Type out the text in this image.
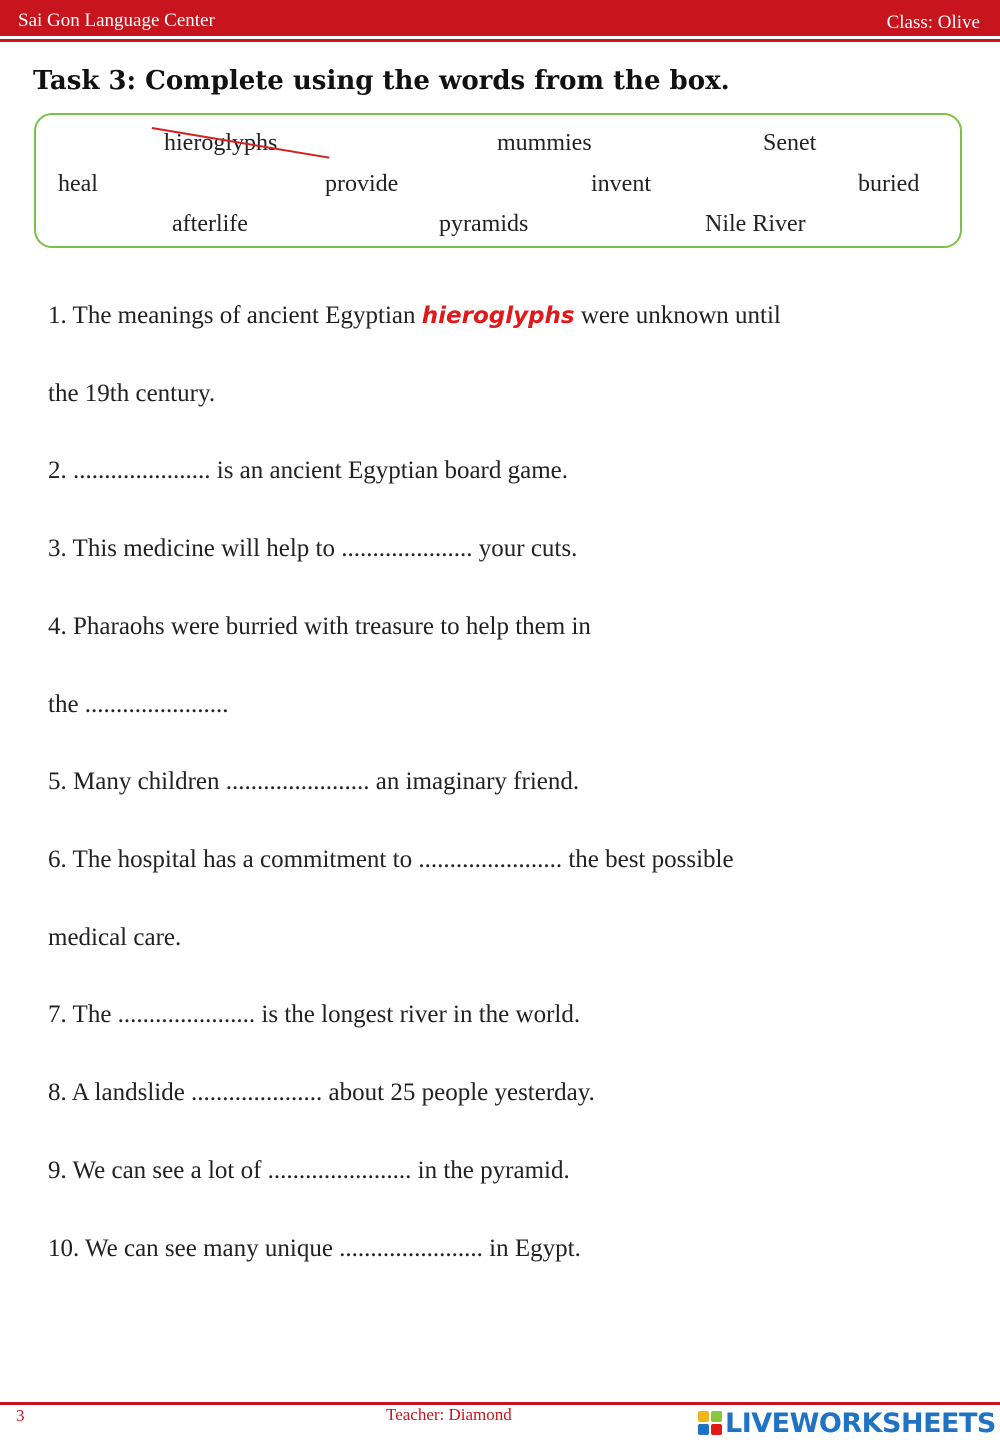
Sai Gon Language Center	Class: Olive
Task 3: Complete using the words from the box.
hieroglyphs	mummies	Senet
heal	provide	invent	buried
afterlife	pyramids	Nile River
1. The meanings of ancient Egyptian hieroglyphs were unknown until
the 19th century.
2. ...................... is an ancient Egyptian board game.
3. This medicine will help to ..................... your cuts.
4. Pharaohs were burried with treasure to help them in
the .......................
5. Many children ....................... an imaginary friend.
6. The hospital has a commitment to ....................... the best possible
medical care.
7. The ...................... is the longest river in the world.
8. A landslide ..................... about 25 people yesterday.
9. We can see a lot of ....................... in the pyramid.
10. We can see many unique ....................... in Egypt.
3	Teacher: Diamond	LIVEWORKSHEETS
